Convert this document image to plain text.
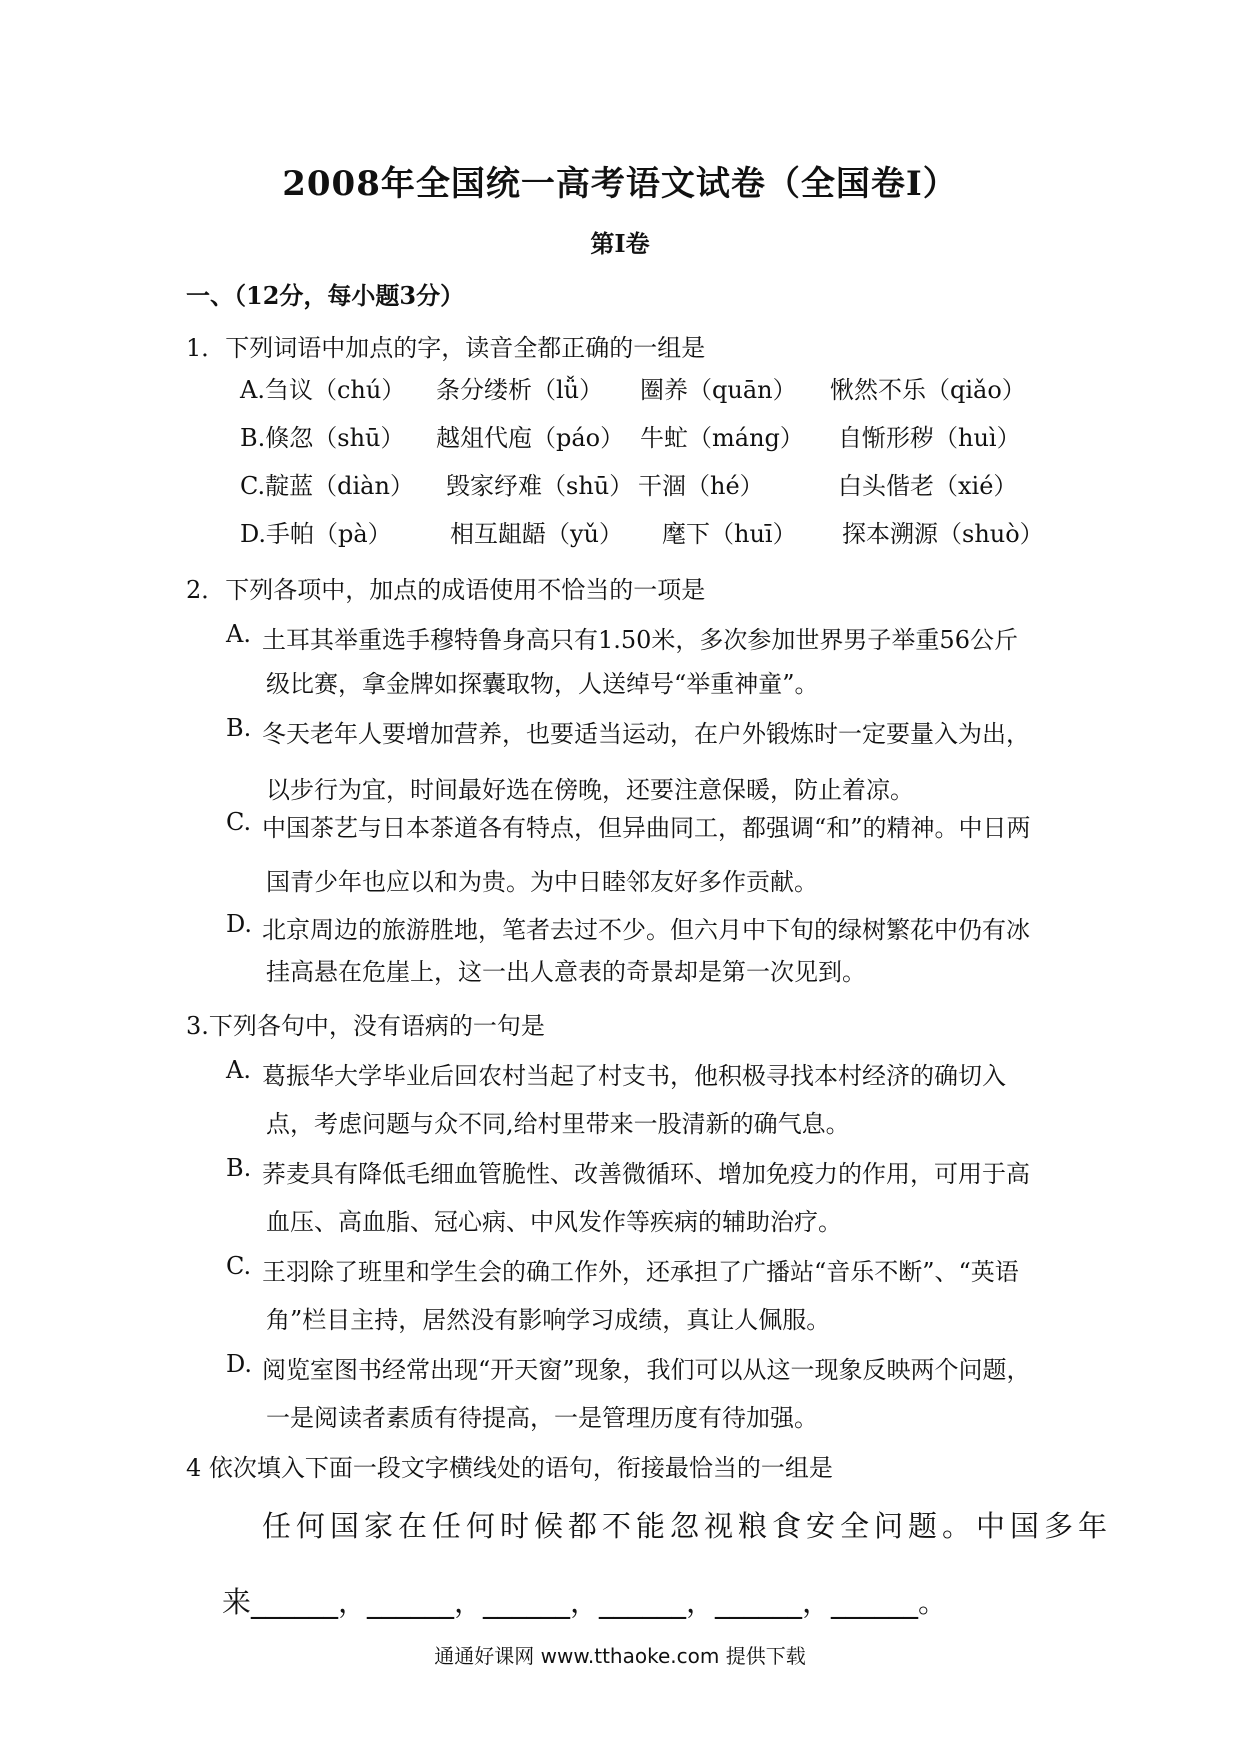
2008年全国统一高考语文试卷（全国卷I）
第I卷
一、（12分，每小题3分）
1．下列词语中加点的字，读音全都正确的一组是
A.刍议（chú） 条分缕析（lǚ） 圈养（quān） 愀然不乐（qiǎo）
B.倏忽（shū） 越俎代庖（páo） 牛虻（máng） 自惭形秽（huì）
C.靛蓝（diàn） 毁家纾难（shū） 干涸（hé）	白头偕老（xié）
D.手帕（pà） 相互龃龉（yǔ） 麾下（huī） 探本溯源（shuò）
2．下列各项中，加点的成语使用不恰当的一项是
A. 土耳其举重选手穆特鲁身高只有1.50米，多次参加世界男子举重56公斤
级比赛，拿金牌如探囊取物，人送绰号“举重神童”。
B. 冬天老年人要增加营养，也要适当运动，在户外锻炼时一定要量入为出，
以步行为宜，时间最好选在傍晚，还要注意保暖，防止着凉。
C. 中国茶艺与日本茶道各有特点，但异曲同工，都强调“和”的精神。中日两
国青少年也应以和为贵。为中日睦邻友好多作贡献。
D. 北京周边的旅游胜地，笔者去过不少。但六月中下旬的绿树繁花中仍有冰
挂高悬在危崖上，这一出人意表的奇景却是第一次见到。
3.下列各句中，没有语病的一句是
A. 葛振华大学毕业后回农村当起了村支书，他积极寻找本村经济的确切入
点，考虑问题与众不同,给村里带来一股清新的确气息。
B. 荞麦具有降低毛细血管脆性、改善微循环、增加免疫力的作用，可用于高
血压、高血脂、冠心病、中风发作等疾病的辅助治疗。
C. 王羽除了班里和学生会的确工作外，还承担了广播站“音乐不断”、“英语
角”栏目主持，居然没有影响学习成绩，真让人佩服。
D. 阅览室图书经常出现“开天窗”现象，我们可以从这一现象反映两个问题，
一是阅读者素质有待提高，一是管理历度有待加强。
4 依次填入下面一段文字横线处的语句，衔接最恰当的一组是
任何国家在任何时候都不能忽视粮食安全问题。中国多年
来______，______，______，______，______，______。
通通好课网 www.tthaoke.com 提供下载
